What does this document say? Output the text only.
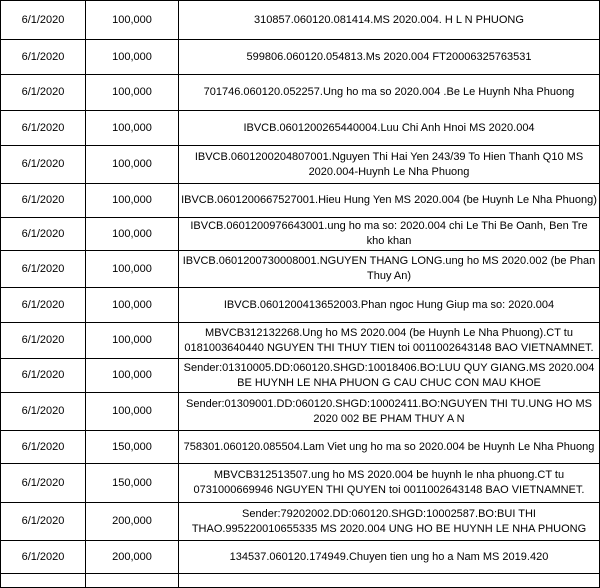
6/1/2020	100,000	310857.060120.081414.MS 2020.004. H L N PHUONG
6/1/2020	100,000	599806.060120.054813.Ms 2020.004 FT20006325763531
6/1/2020	100,000	701746.060120.052257.Ung ho ma so 2020.004 .Be Le Huynh Nha Phuong
6/1/2020	100,000	IBVCB.0601200265440004.Luu Chi Anh Hnoi MS 2020.004
6/1/2020	100,000	IBVCB.0601200204807001.Nguyen Thi Hai Yen 243/39 To Hien Thanh Q10 MS 2020.004-Huynh Le Nha Phuong
6/1/2020	100,000	IBVCB.0601200667527001.Hieu Hung Yen MS 2020.004 (be Huynh Le Nha Phuong)
6/1/2020	100,000	IBVCB.0601200976643001.ung ho ma so: 2020.004 chi Le Thi Be Oanh, Ben Tre kho khan
6/1/2020	100,000	IBVCB.0601200730008001.NGUYEN THANG LONG.ung ho MS 2020.002 (be Phan Thuy An)
6/1/2020	100,000	IBVCB.0601200413652003.Phan ngoc Hung Giup ma so: 2020.004
6/1/2020	100,000	MBVCB312132268.Ung ho MS 2020.004 (be Huynh Le Nha Phuong).CT tu 0181003640440 NGUYEN THI THUY TIEN toi 0011002643148 BAO VIETNAMNET.
6/1/2020	100,000	Sender:01310005.DD:060120.SHGD:10018406.BO:LUU QUY GIANG.MS 2020.004 BE HUYNH LE NHA PHUON G CAU CHUC CON MAU KHOE
6/1/2020	100,000	Sender:01309001.DD:060120.SHGD:10002411.BO:NGUYEN THI TU.UNG HO MS 2020 002 BE PHAM THUY A N
6/1/2020	150,000	758301.060120.085504.Lam Viet ung ho ma so 2020.004 be Huynh Le Nha Phuong
6/1/2020	150,000	MBVCB312513507.ung ho MS 2020.004 be huynh le nha phuong.CT tu 0731000669946 NGUYEN THI QUYEN toi 0011002643148 BAO VIETNAMNET.
6/1/2020	200,000	Sender:79202002.DD:060120.SHGD:10002587.BO:BUI THI THAO.995220010655335 MS 2020.004 UNG HO BE HUYNH LE NHA PHUONG
6/1/2020	200,000	134537.060120.174949.Chuyen tien ung ho a Nam MS 2019.420
